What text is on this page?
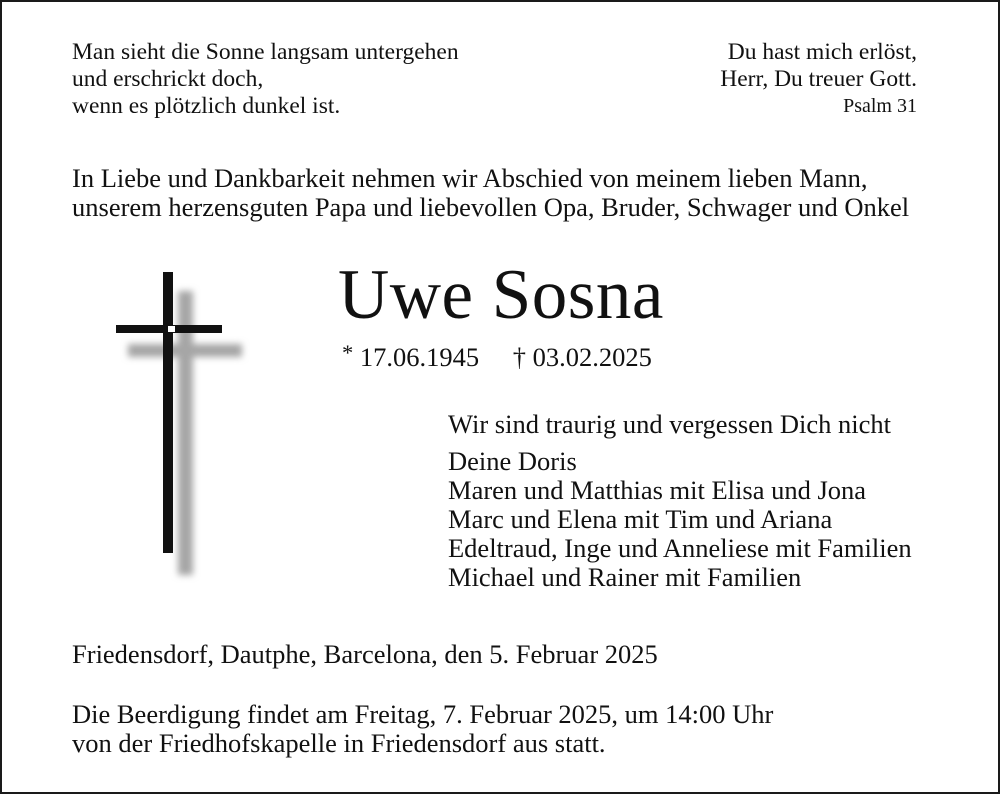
Man sieht die Sonne langsam untergehen
und erschrickt doch,
wenn es plötzlich dunkel ist.
Du hast mich erlöst,
Herr, Du treuer Gott.
Psalm 31
In Liebe und Dankbarkeit nehmen wir Abschied von meinem lieben Mann,
unserem herzensguten Papa und liebevollen Opa, Bruder, Schwager und Onkel
Uwe Sosna
* 17.06.1945 † 03.02.2025
Wir sind traurig und vergessen Dich nicht
Deine Doris
Maren und Matthias mit Elisa und Jona
Marc und Elena mit Tim und Ariana
Edeltraud, Inge und Anneliese mit Familien
Michael und Rainer mit Familien
Friedensdorf, Dautphe, Barcelona, den 5. Februar 2025
Die Beerdigung findet am Freitag, 7. Februar 2025, um 14:00 Uhr
von der Friedhofskapelle in Friedensdorf aus statt.
